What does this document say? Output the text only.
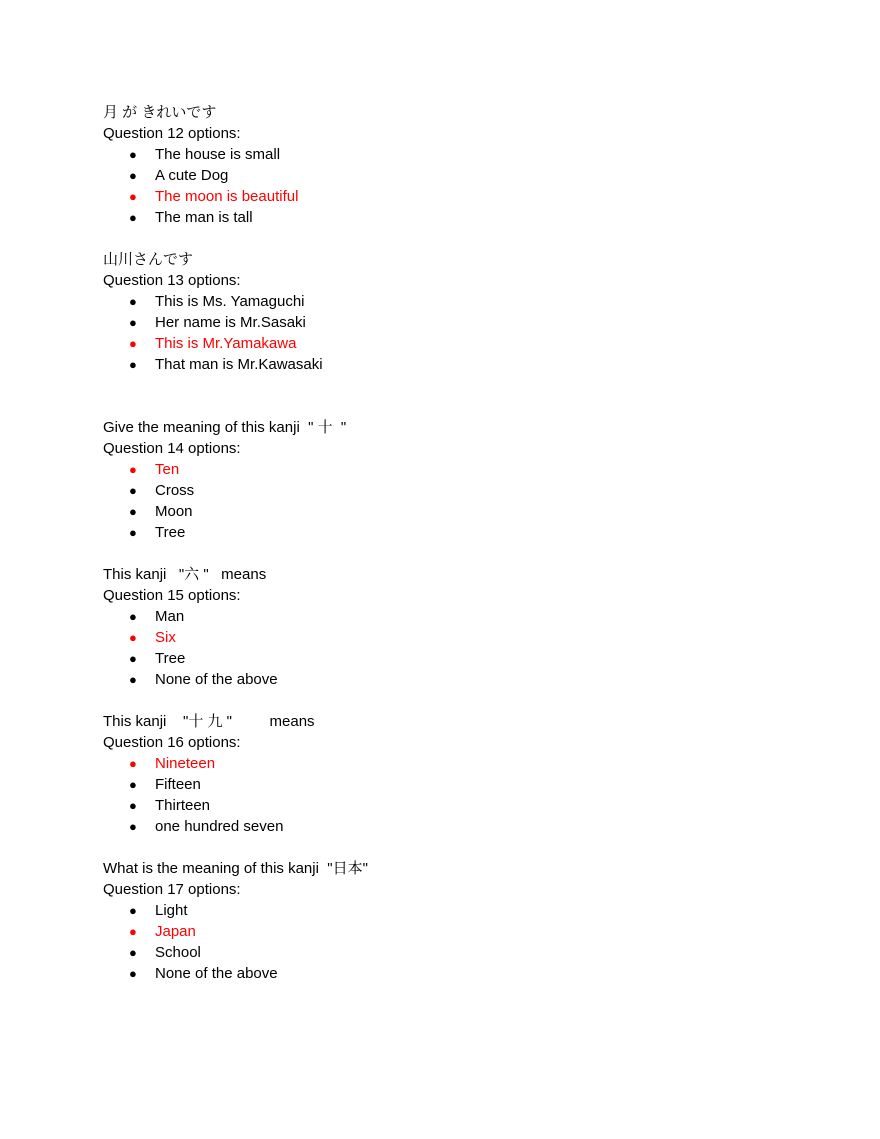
月 が きれいです
Question 12 options:
● The house is small
● A cute Dog
● The moon is beautiful
● The man is tall
山川さんです
Question 13 options:
● This is Ms. Yamaguchi
● Her name is Mr.Sasaki
● This is Mr.Yamakawa
● That man is Mr.Kawasaki
Give the meaning of this kanji  " 十  "
Question 14 options:
● Ten
● Cross
● Moon
● Tree
This kanji   "六 "   means
Question 15 options:
● Man
● Six
● Tree
● None of the above
This kanji    "十 九 "         means
Question 16 options:
● Nineteen
● Fifteen
● Thirteen
● one hundred seven
What is the meaning of this kanji  "日本"
Question 17 options:
● Light
● Japan
● School
● None of the above
